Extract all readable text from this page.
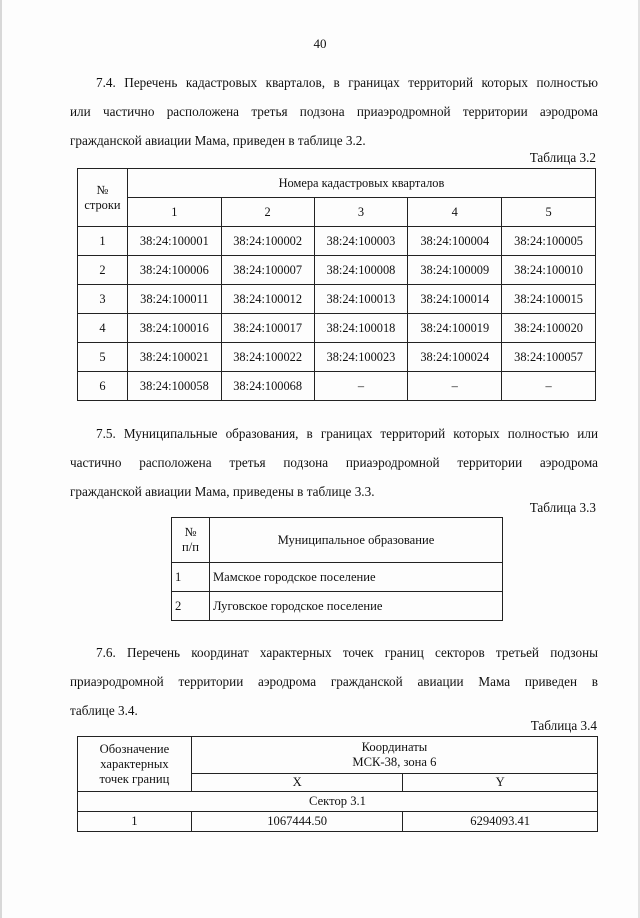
40
7.4. Перечень кадастровых кварталов, в границах территорий которых полностью
или частично расположена третья подзона приаэродромной территории аэродрома
гражданской авиации Мама, приведен в таблице 3.2.
Таблица 3.2
№ строки	Номера кадастровых кварталов				
	1	2	3	4	5
1	38:24:100001	38:24:100002	38:24:100003	38:24:100004	38:24:100005
2	38:24:100006	38:24:100007	38:24:100008	38:24:100009	38:24:100010
3	38:24:100011	38:24:100012	38:24:100013	38:24:100014	38:24:100015
4	38:24:100016	38:24:100017	38:24:100018	38:24:100019	38:24:100020
5	38:24:100021	38:24:100022	38:24:100023	38:24:100024	38:24:100057
6	38:24:100058	38:24:100068	–	–	–
7.5. Муниципальные образования, в границах территорий которых полностью или
частично расположена третья подзона приаэродромной территории аэродрома
гражданской авиации Мама, приведены в таблице 3.3.
Таблица 3.3
№ п/п	Муниципальное образование
1	Мамское городское поселение
2	Луговское городское поселение
7.6. Перечень координат характерных точек границ секторов третьей подзоны
приаэродромной территории аэродрома гражданской авиации Мама приведен в
таблице 3.4.
Таблица 3.4
Обозначение характерных точек границ	Координаты
МСК-38, зона 6	

	X	Y
Сектор 3.1		
1	1067444.50	6294093.41
